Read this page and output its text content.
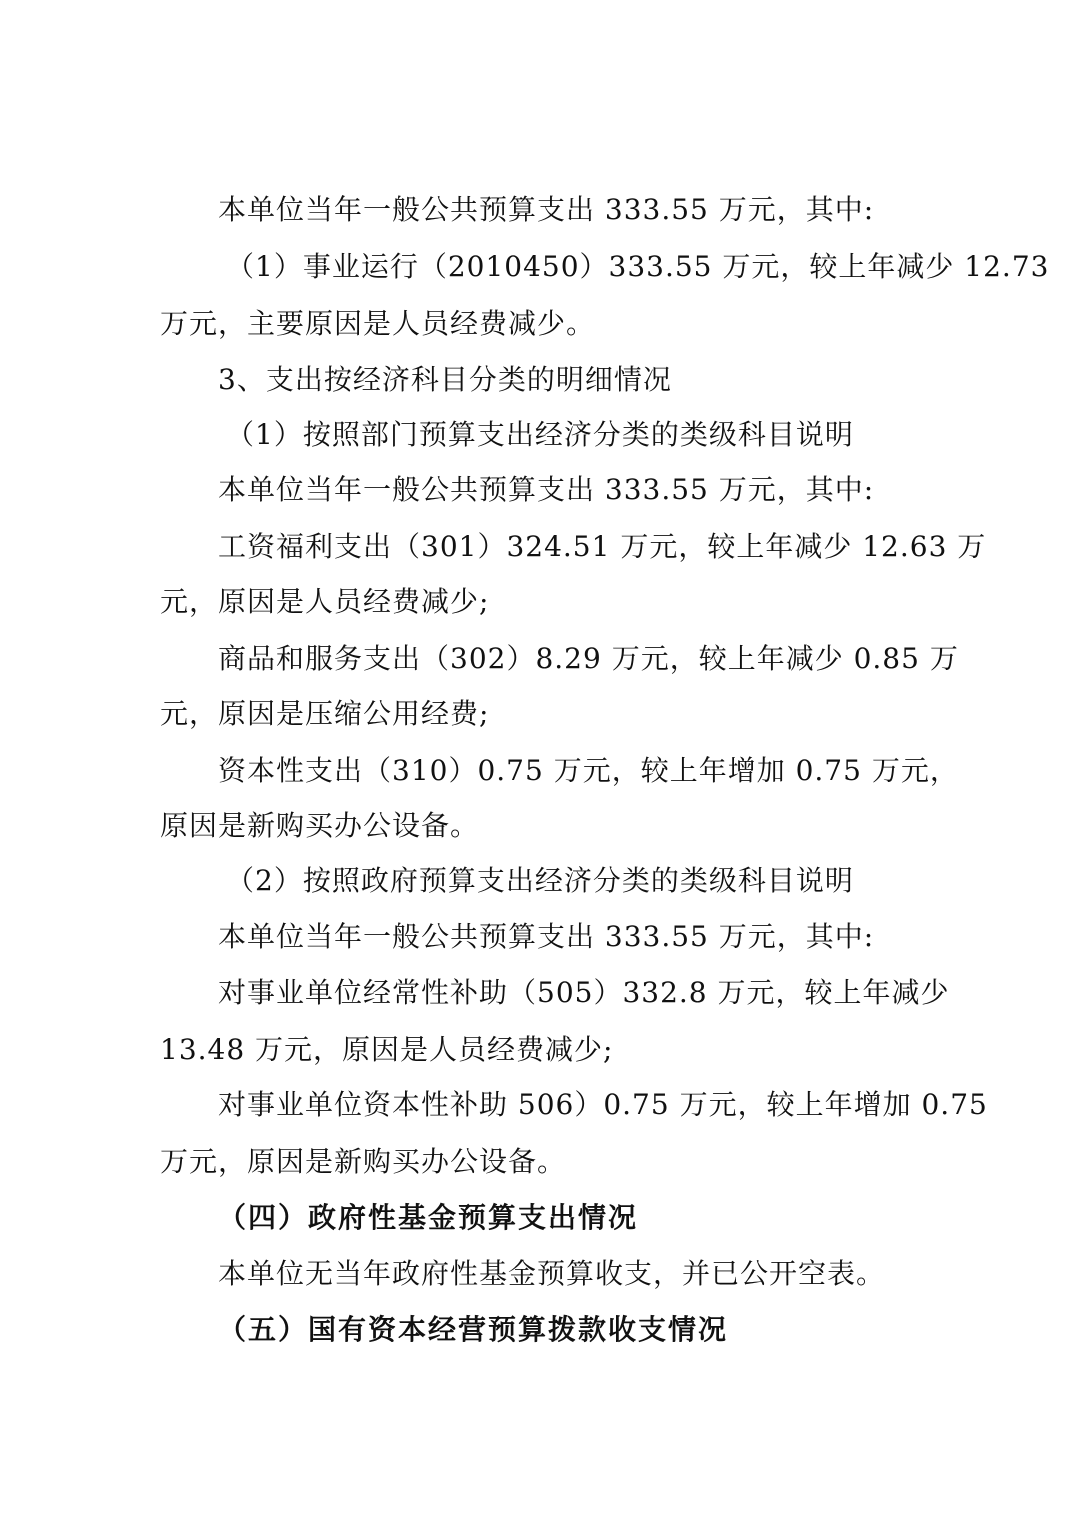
本单位当年一般公共预算支出 333.55 万元，其中:
（1）事业运行（2010450）333.55 万元，较上年减少 12.73
万元，主要原因是人员经费减少。
3、支出按经济科目分类的明细情况
（1）按照部门预算支出经济分类的类级科目说明
本单位当年一般公共预算支出 333.55 万元，其中:
工资福利支出（301）324.51 万元，较上年减少 12.63 万
元，原因是人员经费减少;
商品和服务支出（302）8.29 万元，较上年减少 0.85 万
元，原因是压缩公用经费;
资本性支出（310）0.75 万元，较上年增加 0.75 万元，
原因是新购买办公设备。
（2）按照政府预算支出经济分类的类级科目说明
本单位当年一般公共预算支出 333.55 万元，其中:
对事业单位经常性补助（505）332.8 万元，较上年减少
13.48 万元，原因是人员经费减少;
对事业单位资本性补助 506）0.75 万元，较上年增加 0.75
万元，原因是新购买办公设备。
（四）政府性基金预算支出情况
本单位无当年政府性基金预算收支，并已公开空表。
（五）国有资本经营预算拨款收支情况
